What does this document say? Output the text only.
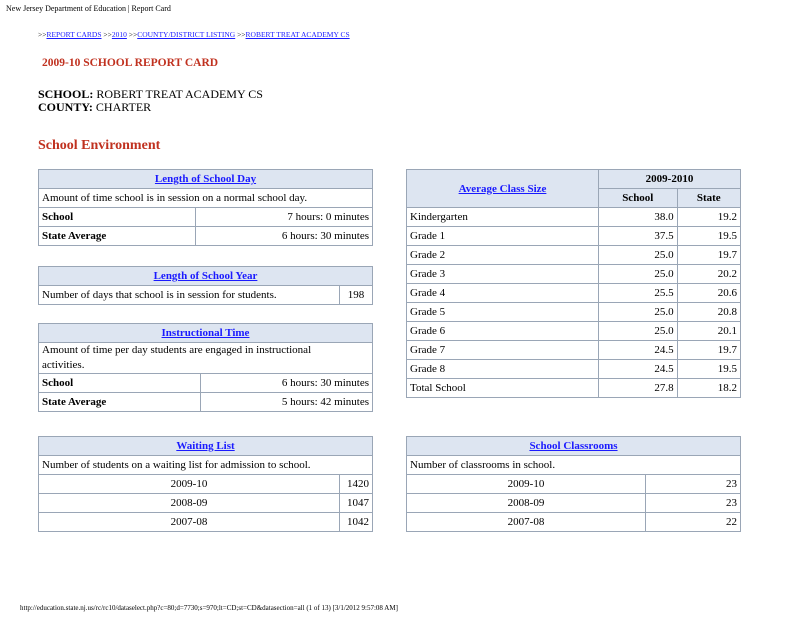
New Jersey Department of Education | Report Card
>>REPORT CARDS >>2010 >>COUNTY/DISTRICT LISTING >>ROBERT TREAT ACADEMY CS
2009-10 SCHOOL REPORT CARD
SCHOOL: ROBERT TREAT ACADEMY CS
COUNTY: CHARTER
School Environment
Length of School Day	
Amount of time school is in session on a normal school day.	
School	7 hours: 0 minutes
State Average	6 hours: 30 minutes
Length of School Year
Number of days that school is in session for students.	198
Instructional Time	
Amount of time per day students are engaged in instructional activities.	
School	6 hours: 30 minutes
State Average	5 hours: 42 minutes
Average Class Size	2009-2010	
	School	State
Kindergarten	38.0	19.2
Grade 1	37.5	19.5
Grade 2	25.0	19.7
Grade 3	25.0	20.2
Grade 4	25.5	20.6
Grade 5	25.0	20.8
Grade 6	25.0	20.1
Grade 7	24.5	19.7
Grade 8	24.5	19.5
Total School	27.8	18.2
Waiting List	
Number of students on a waiting list for admission to school.	
2009-10	1420
2008-09	1047
2007-08	1042
School Classrooms	
Number of classrooms in school.	
2009-10	23
2008-09	23
2007-08	22
http://education.state.nj.us/rc/rc10/dataselect.php?c=80;d=7730;s=970;lt=CD;st=CD&datasection=all (1 of 13) [3/1/2012 9:57:08 AM]
